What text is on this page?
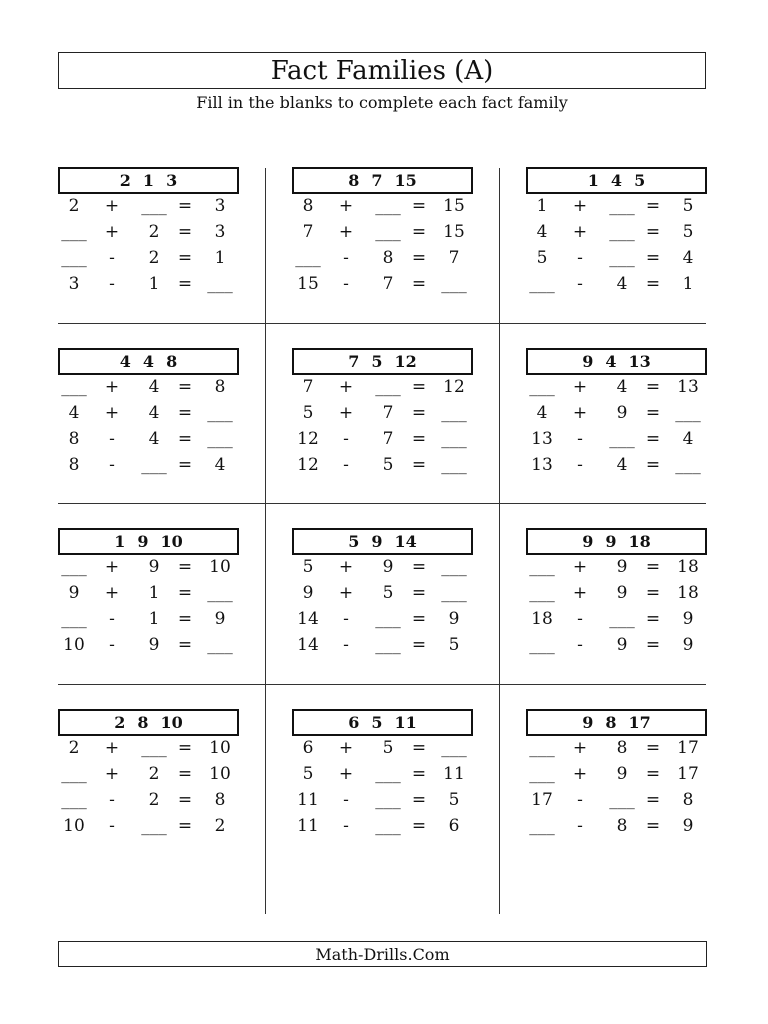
Fact Families (A)
Fill in the blanks to complete each fact family
2 1 3
2	+	___ =	3
___	+	2	=	3
___	-	2	=	1
3	-	1	= ___
8 7 15
8	+	___ =	15
7	+	___ =	15
___	-	8	=	7
15	-	7	= ___
1 4 5
1	+	___ =	5
4	+	___ =	5
5	-	___ =	4
___	-	4	=	1
4 4 8
___	+	4	=	8
4	+	4	= ___
8	-	4	= ___
8	-	___ =	4
7 5 12
7	+	___ =	12
5	+	7	= ___
12	-	7	= ___
12	-	5	= ___
9 4 13
___	+	4	=	13
4	+	9	= ___
13	-	___ =	4
13	-	4	= ___
1 9 10
___	+	9	=	10
9	+	1	= ___
___	-	1	=	9
10	-	9	= ___
5 9 14
5	+	9	= ___
9	+	5	= ___
14	-	___ =	9
14	-	___ =	5
9 9 18
___	+	9	=	18
___	+	9	=	18
18	-	___ =	9
___	-	9	=	9
2 8 10
2	+	___ =	10
___	+	2	=	10
___	-	2	=	8
10	-	___ =	2
6 5 11
6	+	5	= ___
5	+	___ =	11
11	-	___ =	5
11	-	___ =	6
9 8 17
___	+	8	=	17
___	+	9	=	17
17	-	___ =	8
___	-	8	=	9
Math-Drills.Com
